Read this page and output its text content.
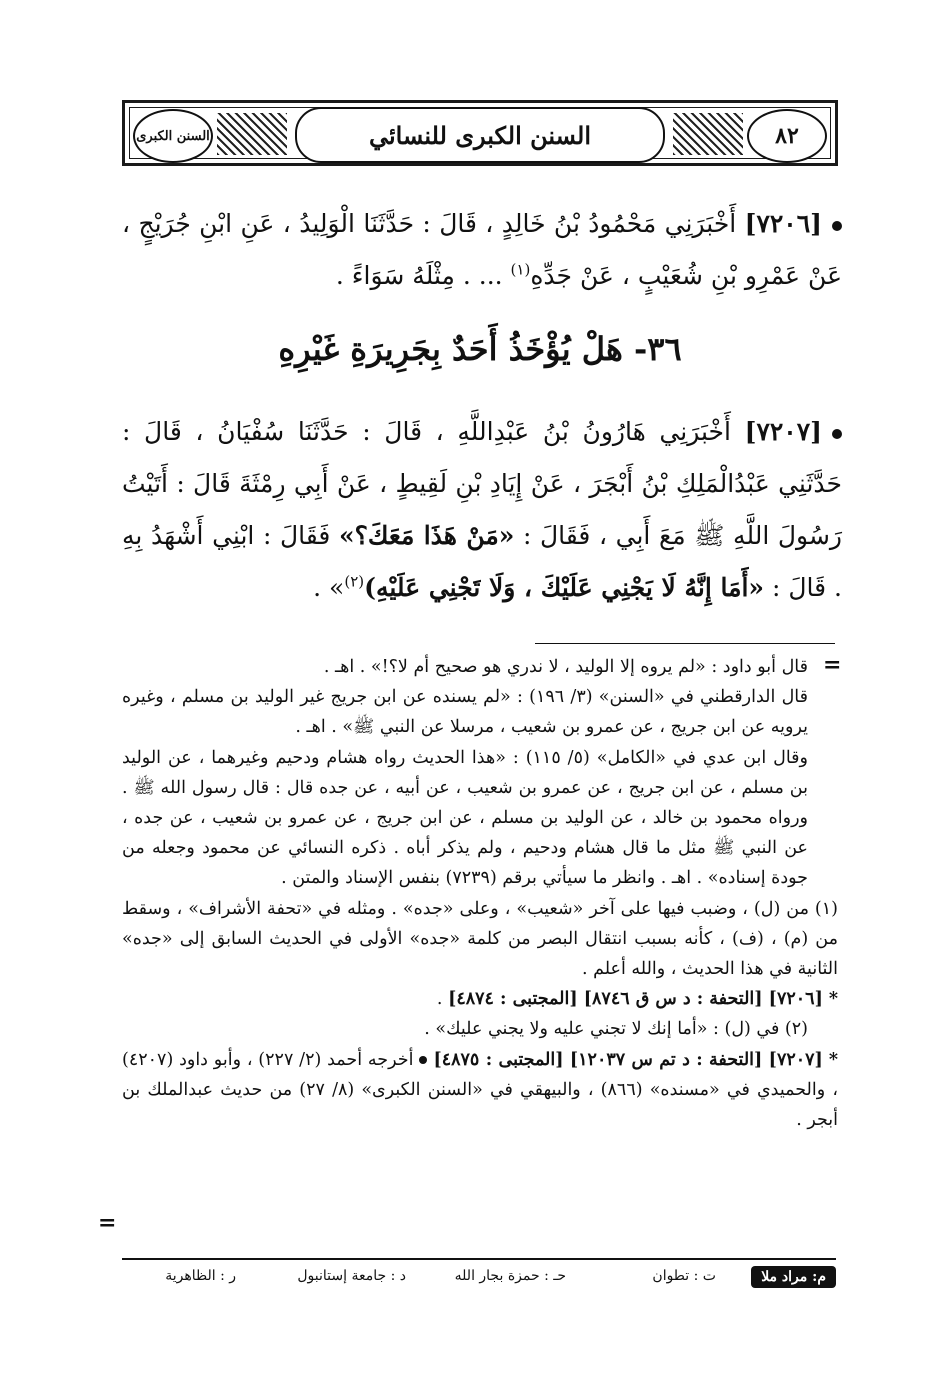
السنن الكبرى	السنن الكبرى للنسائي	٨٢

[٧٢٠٦] أَخْبَرَنِي مَحْمُودُ بْنُ خَالِدٍ ، قَالَ : حَدَّثَنَا الْوَلِيدُ ، عَنِ ابْنِ جُرَيْجٍ ، عَنْ عَمْرِو بْنِ شُعَيْبٍ ، عَنْ جَدِّهِ$^{(١)}$ ... . مِثْلَهُ سَوَاءً .

٣٦- هَلْ يُؤْخَذُ أَحَدٌ بِجَرِيرَةِ غَيْرِهِ

[٧٢٠٧] أَخْبَرَنِي هَارُونُ بْنُ عَبْدِاللَّهِ ، قَالَ : حَدَّثَنَا سُفْيَانُ ، قَالَ : حَدَّثَنِي عَبْدُالْمَلِكِ بْنُ أَبْجَرَ ، عَنْ إِيَادِ بْنِ لَقِيطٍ ، عَنْ أَبِي رِمْثَةَ قَالَ : أَتَيْتُ رَسُولَ اللَّهِ ﷺ مَعَ أَبِي ، فَقَالَ : «مَنْ هَذَا مَعَكَ؟» فَقَالَ : ابْنِي أَشْهَدُ بِهِ . قَالَ : «أَمَا إِنَّهُ لَا يَجْنِي عَلَيْكَ ، وَلَا تَجْنِي عَلَيْهِ)$^{(٢)}$» .

=
=

قال أبو داود : «لم يروه إلا الوليد ، لا ندري هو صحيح أم لا؟!» . اهـ .

قال الدارقطني في «السنن» (٣/ ١٩٦) : «لم يسنده عن ابن جريج غير الوليد بن مسلم ، وغيره يرويه عن ابن جريج ، عن عمرو بن شعيب ، مرسلا عن النبي ﷺ» . اهـ .

وقال ابن عدي في «الكامل» (٥/ ١١٥) : «هذا الحديث رواه هشام ودحيم وغيرهما ، عن الوليد بن مسلم ، عن ابن جريج ، عن عمرو بن شعيب ، عن أبيه ، عن جده قال : قال رسول الله ﷺ . ورواه محمود بن خالد ، عن الوليد بن مسلم ، عن ابن جريج ، عن عمرو بن شعيب ، عن جده ، عن النبي ﷺ مثل ما قال هشام ودحيم ، ولم يذكر أباه . ذكره النسائي عن محمود وجعله من جودة إسناده» . اهـ . وانظر ما سيأتي برقم (٧٢٣٩) بنفس الإسناد والمتن .

(١) من (ل) ، وضبب فيها على آخر «شعيب» ، وعلى «جده» . ومثله في «تحفة الأشراف» ، وسقط من (م) ، (ف) ، كأنه بسبب انتقال البصر من كلمة «جده» الأولى في الحديث السابق إلى «جده» الثانية في هذا الحديث ، والله أعلم .

*[٧٢٠٦] [التحفة : د س ق ٨٧٤٦] [المجتبى : ٤٨٧٤] .

(٢) في (ل) : «أما إنك لا تجني عليه ولا يجني عليك» .

*[٧٢٠٧] [التحفة : د تم س ١٢٠٣٧] [المجتبى : ٤٨٧٥]أخرجه أحمد (٢/ ٢٢٧) ، وأبو داود (٤٢٠٧) ، والحميدي في «مسنده» (٨٦٦) ، والبيهقي في «السنن الكبرى» (٨/ ٢٧) من حديث عبدالملك بن أبجر .

م: مراد ملا
ت : تطوان
حـ : حمزة بجار الله
د : جامعة إستانبول
ر : الظاهرية
